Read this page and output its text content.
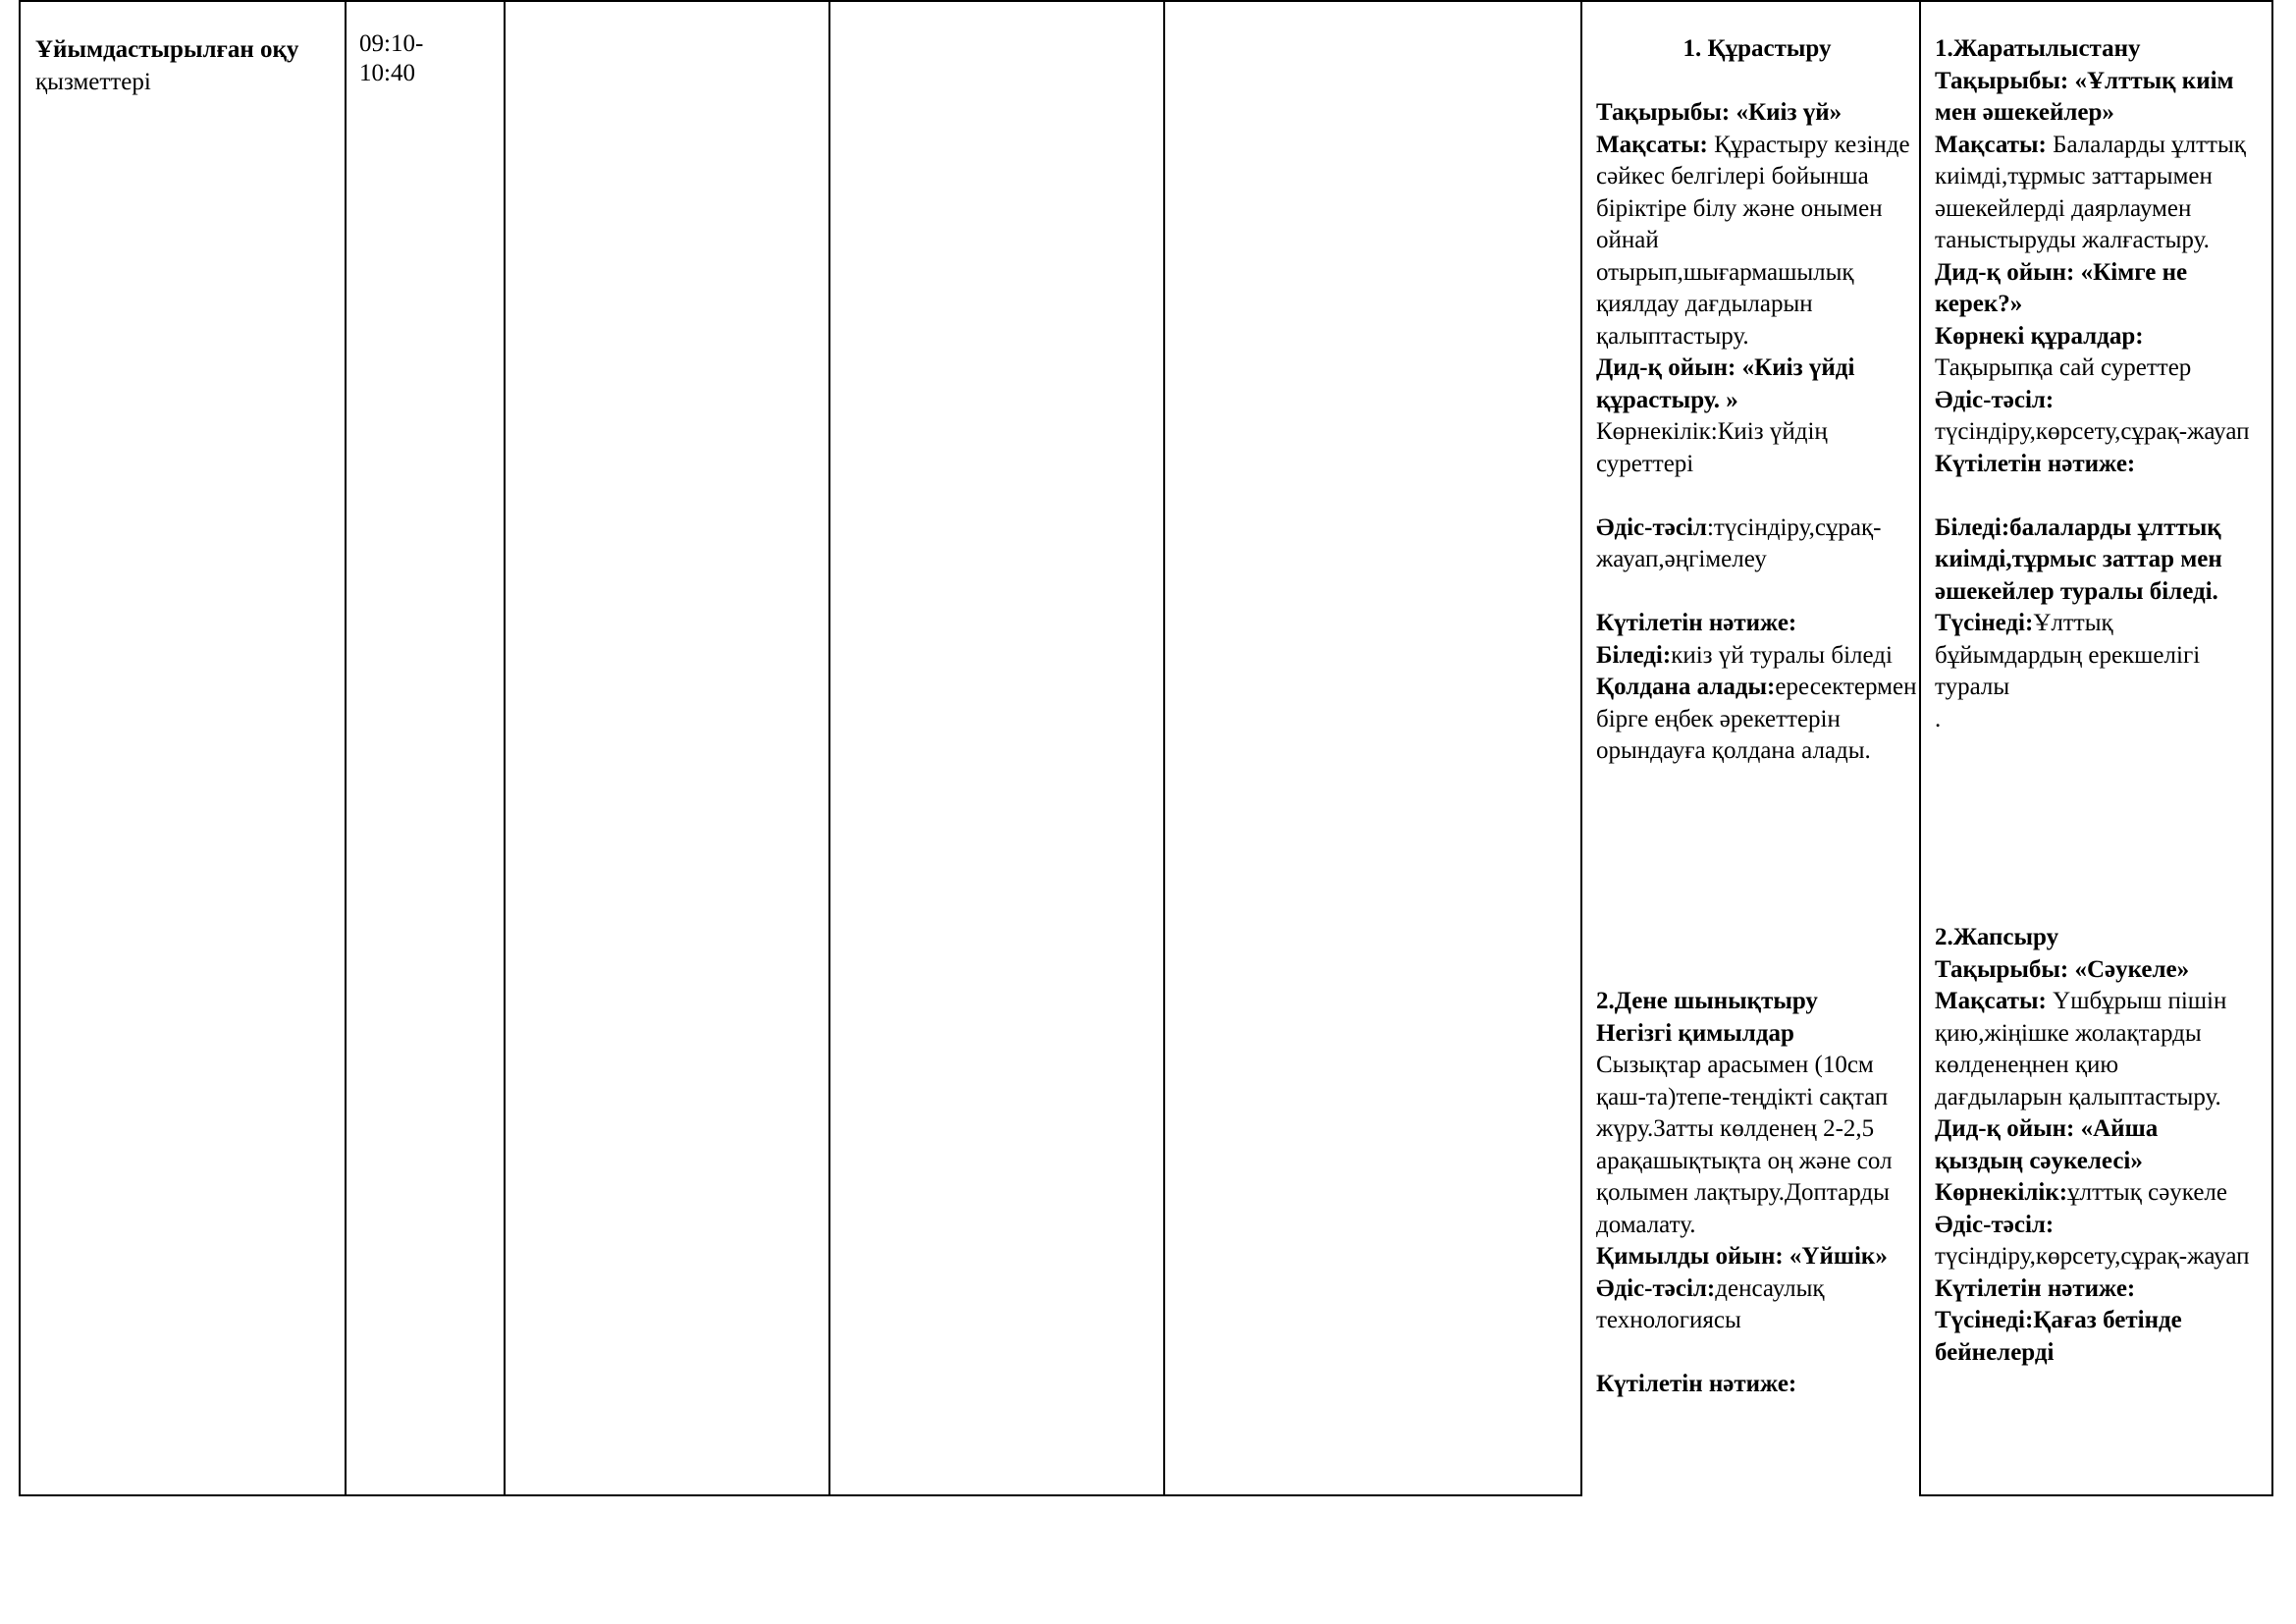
Ұйымдастырылған оқу қызметтері
09:10-
10:40
1. Құрастыру
Тақырыбы: «Киіз үй»
Мақсаты: Құрастыру кезінде сәйкес белгілері бойынша біріктіре білу және онымен ойнай отырып,шығармашылық қиялдау дағдыларын қалыптастыру.
Дид-қ ойын: «Киіз үйді құрастыру. »
Көрнекілік:Киіз үйдің суреттері
Әдіс-тәсіл:түсіндіру,сұрақ-жауап,әңгімелеу
Күтілетін нәтиже:
Біледі:киіз үй туралы біледі
Қолдана алады:ересектермен бірге еңбек әрекеттерін орындауға қолдана алады.
2.Дене шынықтыру
Негізгі қимылдар
Сызықтар арасымен (10см қаш-та)тепе-теңдікті сақтап жүру.Затты көлденең 2-2,5 арақашықтықта оң және сол қолымен лақтыру.Доптарды домалату.
Қимылды ойын: «Үйшік»
Әдіс-тәсіл:денсаулық технологиясы
Күтілетін нәтиже:
1.Жаратылыстану
Тақырыбы: «Ұлттық киім мен әшекейлер»
Мақсаты: Балаларды ұлттық киімді,тұрмыс заттарымен әшекейлерді даярлаумен таныстыруды жалғастыру.
Дид-қ ойын: «Кімге не керек?»
Көрнекі құралдар: Тақырыпқа сай суреттер
Әдіс-тәсіл: түсіндіру,көрсету,сұрақ-жауап
Күтілетін нәтиже:
Біледі:балаларды ұлттық киімді,тұрмыс заттар мен әшекейлер туралы біледі.
Түсінеді:Ұлттық бұйымдардың ерекшелігі туралы
.
2.Жапсыру
Тақырыбы: «Сәукеле»
Мақсаты: Үшбұрыш пішін қию,жіңішке жолақтарды көлденеңнен қию дағдыларын қалыптастыру.
Дид-қ ойын: «Айша қыздың сәукелесі»
Көрнекілік:ұлттық сәукеле
Әдіс-тәсіл: түсіндіру,көрсету,сұрақ-жауап
Күтілетін нәтиже:
Түсінеді:Қағаз бетінде бейнелерді
